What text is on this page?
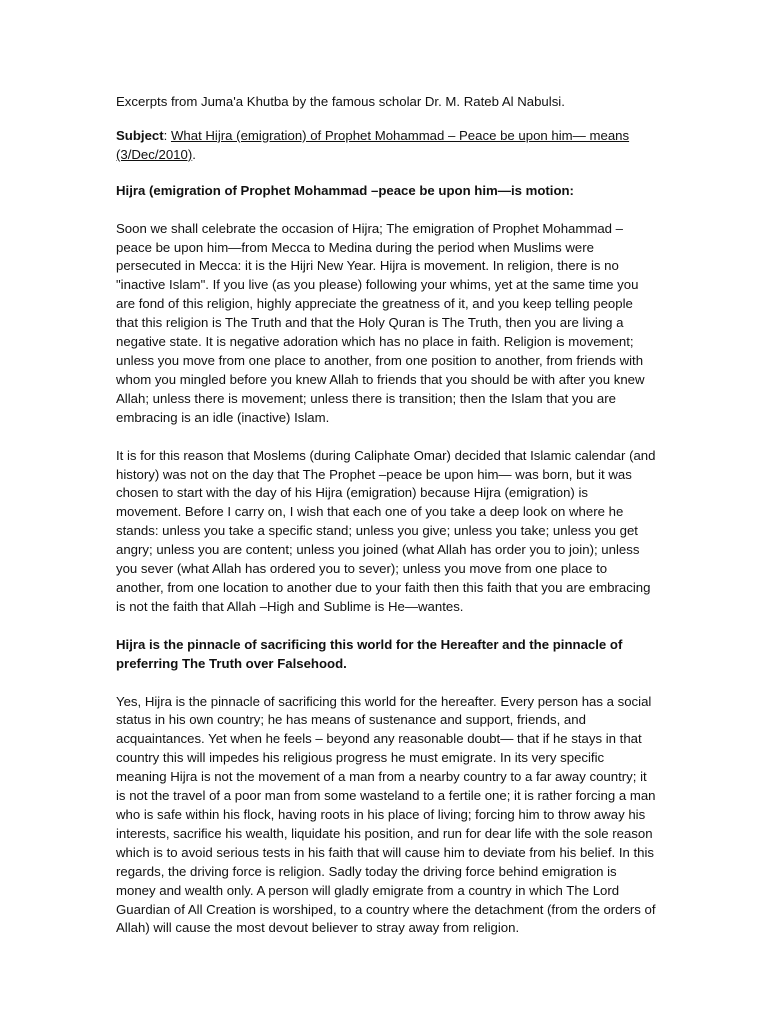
Excerpts from Juma'a Khutba by the famous scholar Dr. M. Rateb Al Nabulsi.

Subject: What Hijra (emigration) of Prophet Mohammad – Peace be upon him— means (3/Dec/2010).

Hijra (emigration of Prophet Mohammad –peace be upon him—is motion:

Soon we shall celebrate the occasion of Hijra; The emigration of Prophet Mohammad –peace be upon him—from Mecca to Medina during the period when Muslims were persecuted in Mecca: it is the Hijri New Year. Hijra is movement. In religion, there is no "inactive Islam". If you live (as you please) following your whims, yet at the same time you are fond of this religion, highly appreciate the greatness of it, and you keep telling people that this religion is The Truth and that the Holy Quran is The Truth, then you are living a negative state. It is negative adoration which has no place in faith. Religion is movement; unless you move from one place to another, from one position to another, from friends with whom you mingled before you knew Allah to friends that you should be with after you knew Allah; unless there is movement; unless there is transition; then the Islam that you are embracing is an idle (inactive) Islam.

It is for this reason that Moslems (during Caliphate Omar) decided that Islamic calendar (and history) was not on the day that The Prophet –peace be upon him— was born, but it was chosen to start with the day of his Hijra (emigration) because Hijra (emigration) is movement. Before I carry on, I wish that each one of you take a deep look on where he stands: unless you take a specific stand; unless you give; unless you take; unless you get angry; unless you are content; unless you joined (what Allah has order you to join); unless you sever (what Allah has ordered you to sever); unless you move from one place to another, from one location to another due to your faith then this faith that you are embracing is not the faith that Allah –High and Sublime is He—wantes.

Hijra is the pinnacle of sacrificing this world for the Hereafter and the pinnacle of preferring The Truth over Falsehood.

Yes, Hijra is the pinnacle of sacrificing this world for the hereafter. Every person has a social status in his own country; he has means of sustenance and support, friends, and acquaintances. Yet when he feels – beyond any reasonable doubt— that if he stays in that country this will impedes his religious progress he must emigrate. In its very specific meaning Hijra is not the movement of a man from a nearby country to a far away country; it is not the travel of a poor man from some wasteland to a fertile one; it is rather forcing a man who is safe within his flock, having roots in his place of living; forcing him to throw away his interests, sacrifice his wealth, liquidate his position, and run for dear life with the sole reason which is to avoid serious tests in his faith that will cause him to deviate from his belief. In this regards, the driving force is religion. Sadly today the driving force behind emigration is money and wealth only. A person will gladly emigrate from a country in which The Lord Guardian of All Creation is worshiped, to a country where the detachment (from the orders of Allah) will cause the most devout believer to stray away from religion.
